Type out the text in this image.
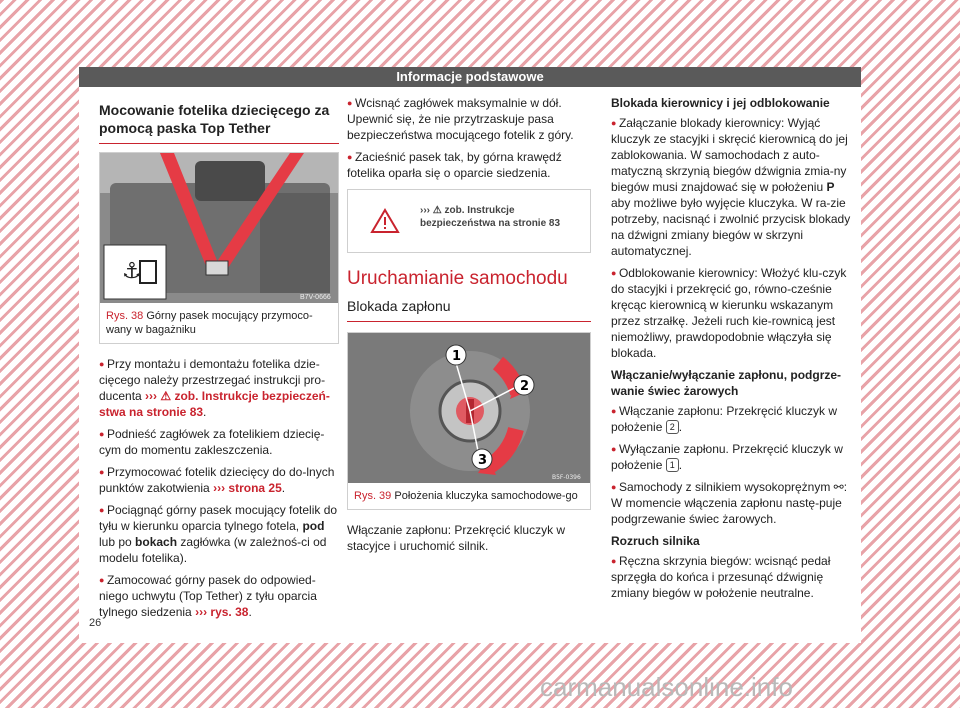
Informacje podstawowe
Mocowanie fotelika dziecięcego za pomocą paska Top Tether
⚓
B7V-0666
Rys. 38 Górny pasek mocujący przymoco-wany w bagażniku

● Przy montażu i demontażu fotelika dzie-cięcego należy przestrzegać instrukcji pro-ducenta ››› ⚠ zob. Instrukcje bezpieczeń-stwa na stronie 83.

● Podnieść zagłówek za fotelikiem dziecię-cym do momentu zakleszczenia.

● Przymocować fotelik dziecięcy do do-lnych punktów zakotwienia ››› strona 25.

● Pociągnąć górny pasek mocujący fotelik do tyłu w kierunku oparcia tylnego fotela, pod lub po bokach zagłówka (w zależnoś-ci od modelu fotelika).

● Zamocować górny pasek do odpowied-niego uchwytu (Top Tether) z tyłu oparcia tylnego siedzenia ››› rys. 38.

● Wcisnąć zagłówek maksymalnie w dół. Upewnić się, że nie przytrzaskuje pasa bezpieczeństwa mocującego fotelik z góry.

● Zacieśnić pasek tak, by górna krawędź fotelika oparła się o oparcie siedzenia.

››› ⚠ zob. Instrukcje bezpieczeństwa na stronie 83
Uruchamianie samochodu
Blokada zapłonu
1
2
3
B5F-0396
Rys. 39 Położenia kluczyka samochodowe-go

Włączanie zapłonu: Przekręcić kluczyk w stacyjce i uruchomić silnik.

Blokada kierownicy i jej odblokowanie

● Załączanie blokady kierownicy: Wyjąć kluczyk ze stacyjki i skręcić kierownicą do jej zablokowania. W samochodach z auto-matyczną skrzynią biegów dźwignia zmia-ny biegów musi znajdować się w położeniu P aby możliwe było wyjęcie kluczyka. W ra-zie potrzeby, nacisnąć i zwolnić przycisk blokady na dźwigni zmiany biegów w skrzyni automatycznej.

● Odblokowanie kierownicy: Włożyć klu-czyk do stacyjki i przekręcić go, równo-cześnie kręcąc kierownicą w kierunku wskazanym przez strzałkę. Jeżeli ruch kie-rownicą jest niemożliwy, prawdopodobnie włączyła się blokada.

Włączanie/wyłączanie zapłonu, podgrze-wanie świec żarowych

● Włączanie zapłonu: Przekręcić kluczyk w położenie 2 .

● Wyłączanie zapłonu. Przekręcić kluczyk w położenie 1 .

● Samochody z silnikiem wysokoprężnym ⚯: W momencie włączenia zapłonu nastę-puje podgrzewanie świec żarowych.

Rozruch silnika

● Ręczna skrzynia biegów: wcisnąć pedał sprzęgła do końca i przesunąć dźwignię zmiany biegów w położenie neutralne.

26
carmanualsonline.info
